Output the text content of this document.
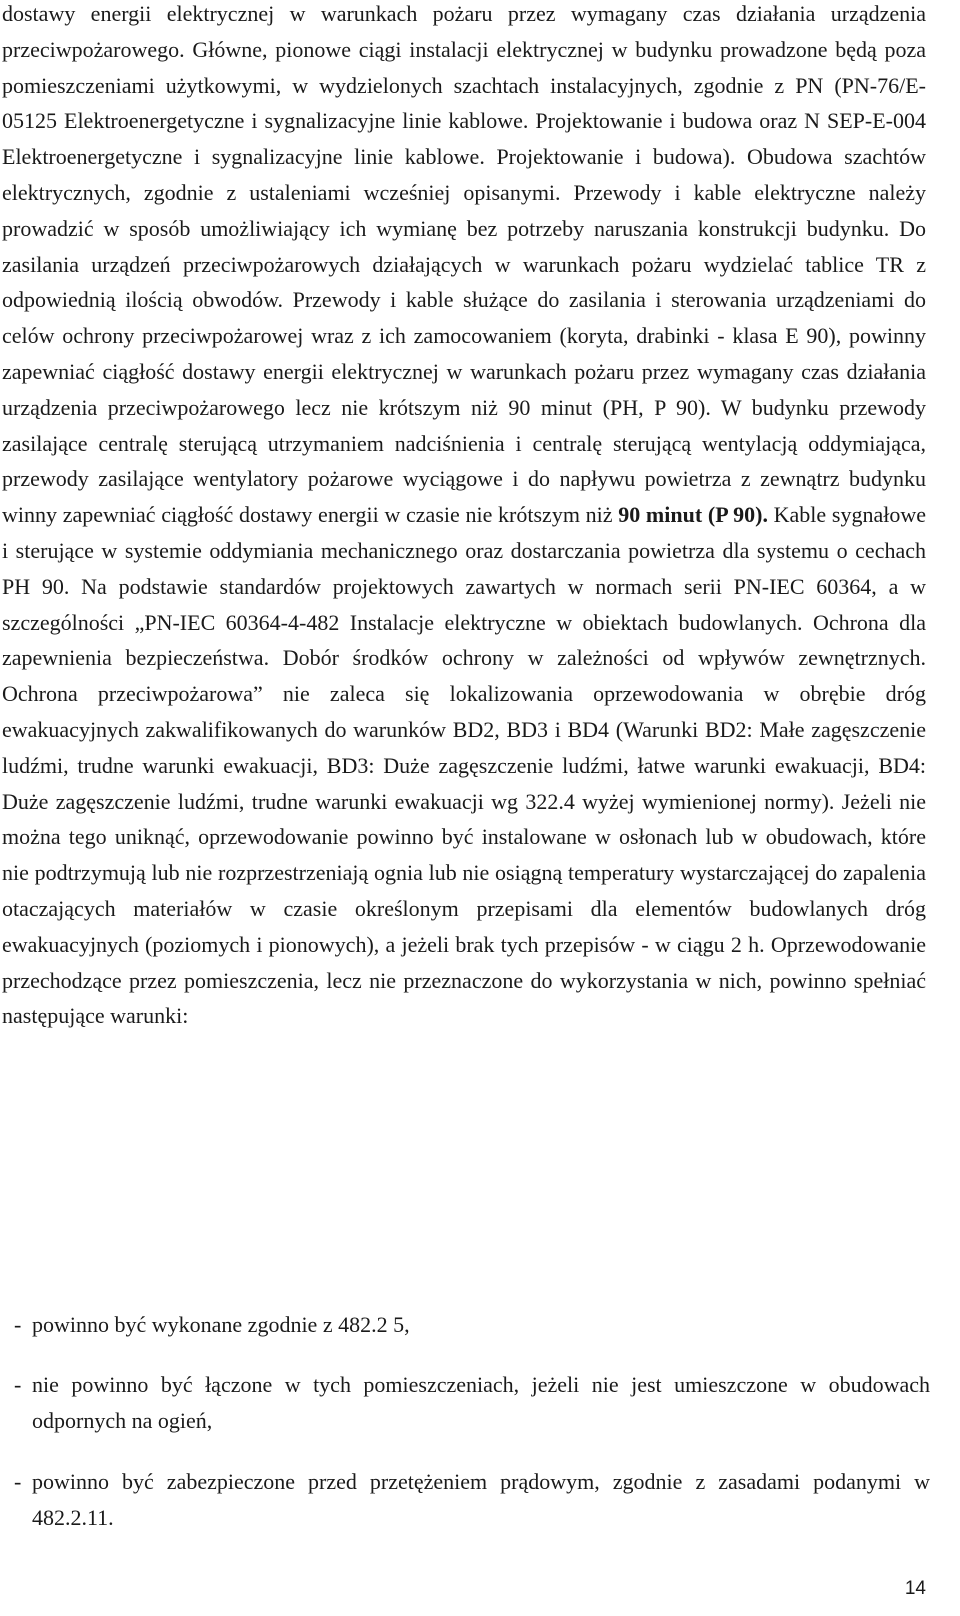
dostawy energii elektrycznej w warunkach pożaru przez wymagany czas działania urządzenia przeciwpożarowego. Główne, pionowe ciągi instalacji elektrycznej w budynku prowadzone będą poza pomieszczeniami użytkowymi, w wydzielonych szachtach instalacyjnych, zgodnie z PN (PN-76/E-05125 Elektroenergetyczne i sygnalizacyjne linie kablowe. Projektowanie i budowa oraz N SEP-E-004 Elektroenergetyczne i sygnalizacyjne linie kablowe. Projektowanie i budowa). Obudowa szachtów elektrycznych, zgodnie z ustaleniami wcześniej opisanymi. Przewody i kable elektryczne należy prowadzić w sposób umożliwiający ich wymianę bez potrzeby naruszania konstrukcji budynku. Do zasilania urządzeń przeciwpożarowych działających w warunkach pożaru wydzielać tablice TR z odpowiednią ilością obwodów. Przewody i kable służące do zasilania i sterowania urządzeniami do celów ochrony przeciwpożarowej wraz z ich zamocowaniem (koryta, drabinki - klasa E 90), powinny zapewniać ciągłość dostawy energii elektrycznej w warunkach pożaru przez wymagany czas działania urządzenia przeciwpożarowego lecz nie krótszym niż 90 minut (PH, P 90). W budynku przewody zasilające centralę sterującą utrzymaniem nadciśnienia i centralę sterującą wentylacją oddymiająca, przewody zasilające wentylatory pożarowe wyciągowe i do napływu powietrza z zewnątrz budynku winny zapewniać ciągłość dostawy energii w czasie nie krótszym niż 90 minut (P 90). Kable sygnałowe i sterujące w systemie oddymiania mechanicznego oraz dostarczania powietrza dla systemu o cechach PH 90. Na podstawie standardów projektowych zawartych w normach serii PN-IEC 60364, a w szczególności „PN-IEC 60364-4-482 Instalacje elektryczne w obiektach budowlanych. Ochrona dla zapewnienia bezpieczeństwa. Dobór środków ochrony w zależności od wpływów zewnętrznych. Ochrona przeciwpożarowa” nie zaleca się lokalizowania oprzewodowania w obrębie dróg ewakuacyjnych zakwalifikowanych do warunków BD2, BD3 i BD4 (Warunki BD2: Małe zagęszczenie ludźmi, trudne warunki ewakuacji, BD3: Duże zagęszczenie ludźmi, łatwe warunki ewakuacji, BD4: Duże zagęszczenie ludźmi, trudne warunki ewakuacji wg 322.4 wyżej wymienionej normy). Jeżeli nie można tego uniknąć, oprzewodowanie powinno być instalowane w osłonach lub w obudowach, które nie podtrzymują lub nie rozprzestrzeniają ognia lub nie osiągną temperatury wystarczającej do zapalenia otaczających materiałów w czasie określonym przepisami dla elementów budowlanych dróg ewakuacyjnych (poziomych i pionowych), a jeżeli brak tych przepisów - w ciągu 2 h. Oprzewodowanie przechodzące przez pomieszczenia, lecz nie przeznaczone do wykorzystania w nich, powinno spełniać następujące warunki:

- powinno być wykonane zgodnie z 482.2 5,
- nie powinno być łączone w tych pomieszczeniach, jeżeli nie jest umieszczone w obudowach odpornych na ogień,
- powinno być zabezpieczone przed przetężeniem prądowym, zgodnie z zasadami podanymi w 482.2.11.
14
